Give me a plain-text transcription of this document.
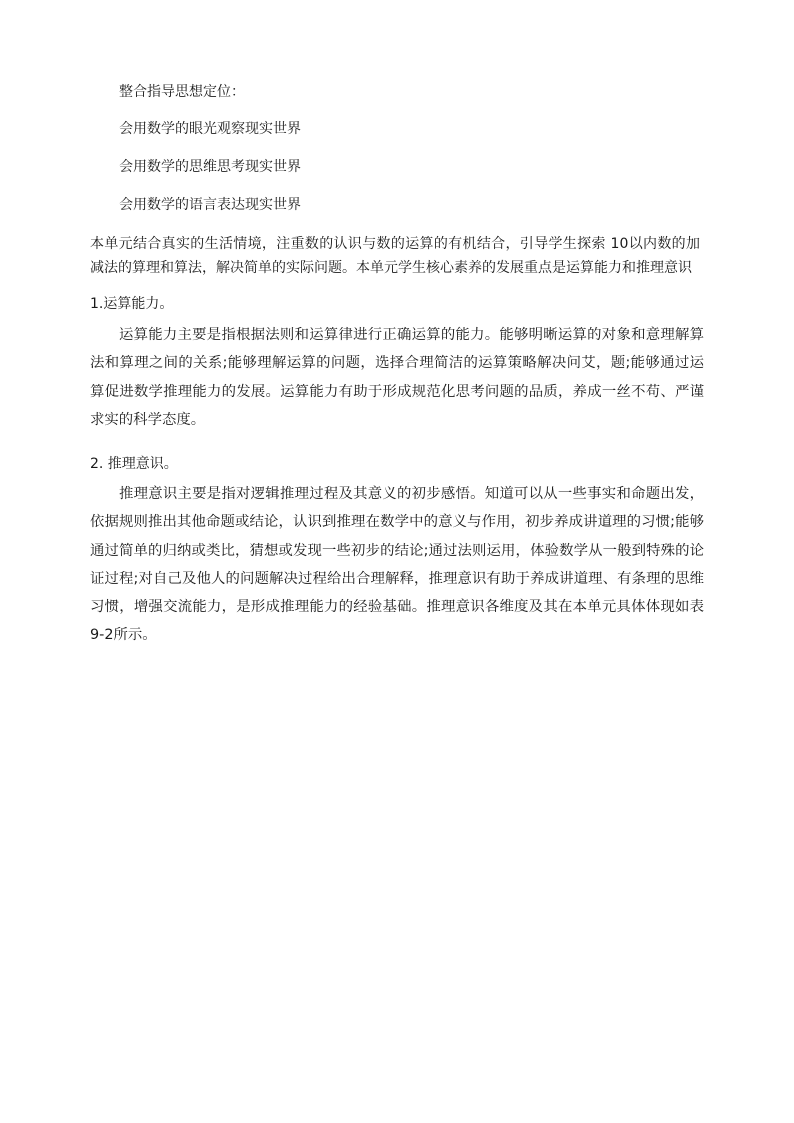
整合指导思想定位：
会用数学的眼光观察现实世界
会用数学的思维思考现实世界
会用数学的语言表达现实世界
本单元结合真实的生活情境，注重数的认识与数的运算的有机结合，引导学生探索 10以内数的加减法的算理和算法，解决简单的实际问题。本单元学生核心素养的发展重点是运算能力和推理意识
1.运算能力。
运算能力主要是指根据法则和运算律进行正确运算的能力。能够明晰运算的对象和意理解算法和算理之间的关系;能够理解运算的问题，选择合理简洁的运算策略解决问艾，题;能够通过运算促进数学推理能力的发展。运算能力有助于形成规范化思考问题的品质，养成一丝不苟、严谨求实的科学态度。
2. 推理意识。
推理意识主要是指对逻辑推理过程及其意义的初步感悟。知道可以从一些事实和命题出发，依据规则推出其他命题或结论，认识到推理在数学中的意义与作用，初步养成讲道理的习惯;能够通过简单的归纳或类比，猜想或发现一些初步的结论;通过法则运用，体验数学从一般到特殊的论证过程;对自己及他人的问题解决过程给出合理解释，推理意识有助于养成讲道理、有条理的思维习惯，增强交流能力，是形成推理能力的经验基础。推理意识各维度及其在本单元具体体现如表 9-2所示。
